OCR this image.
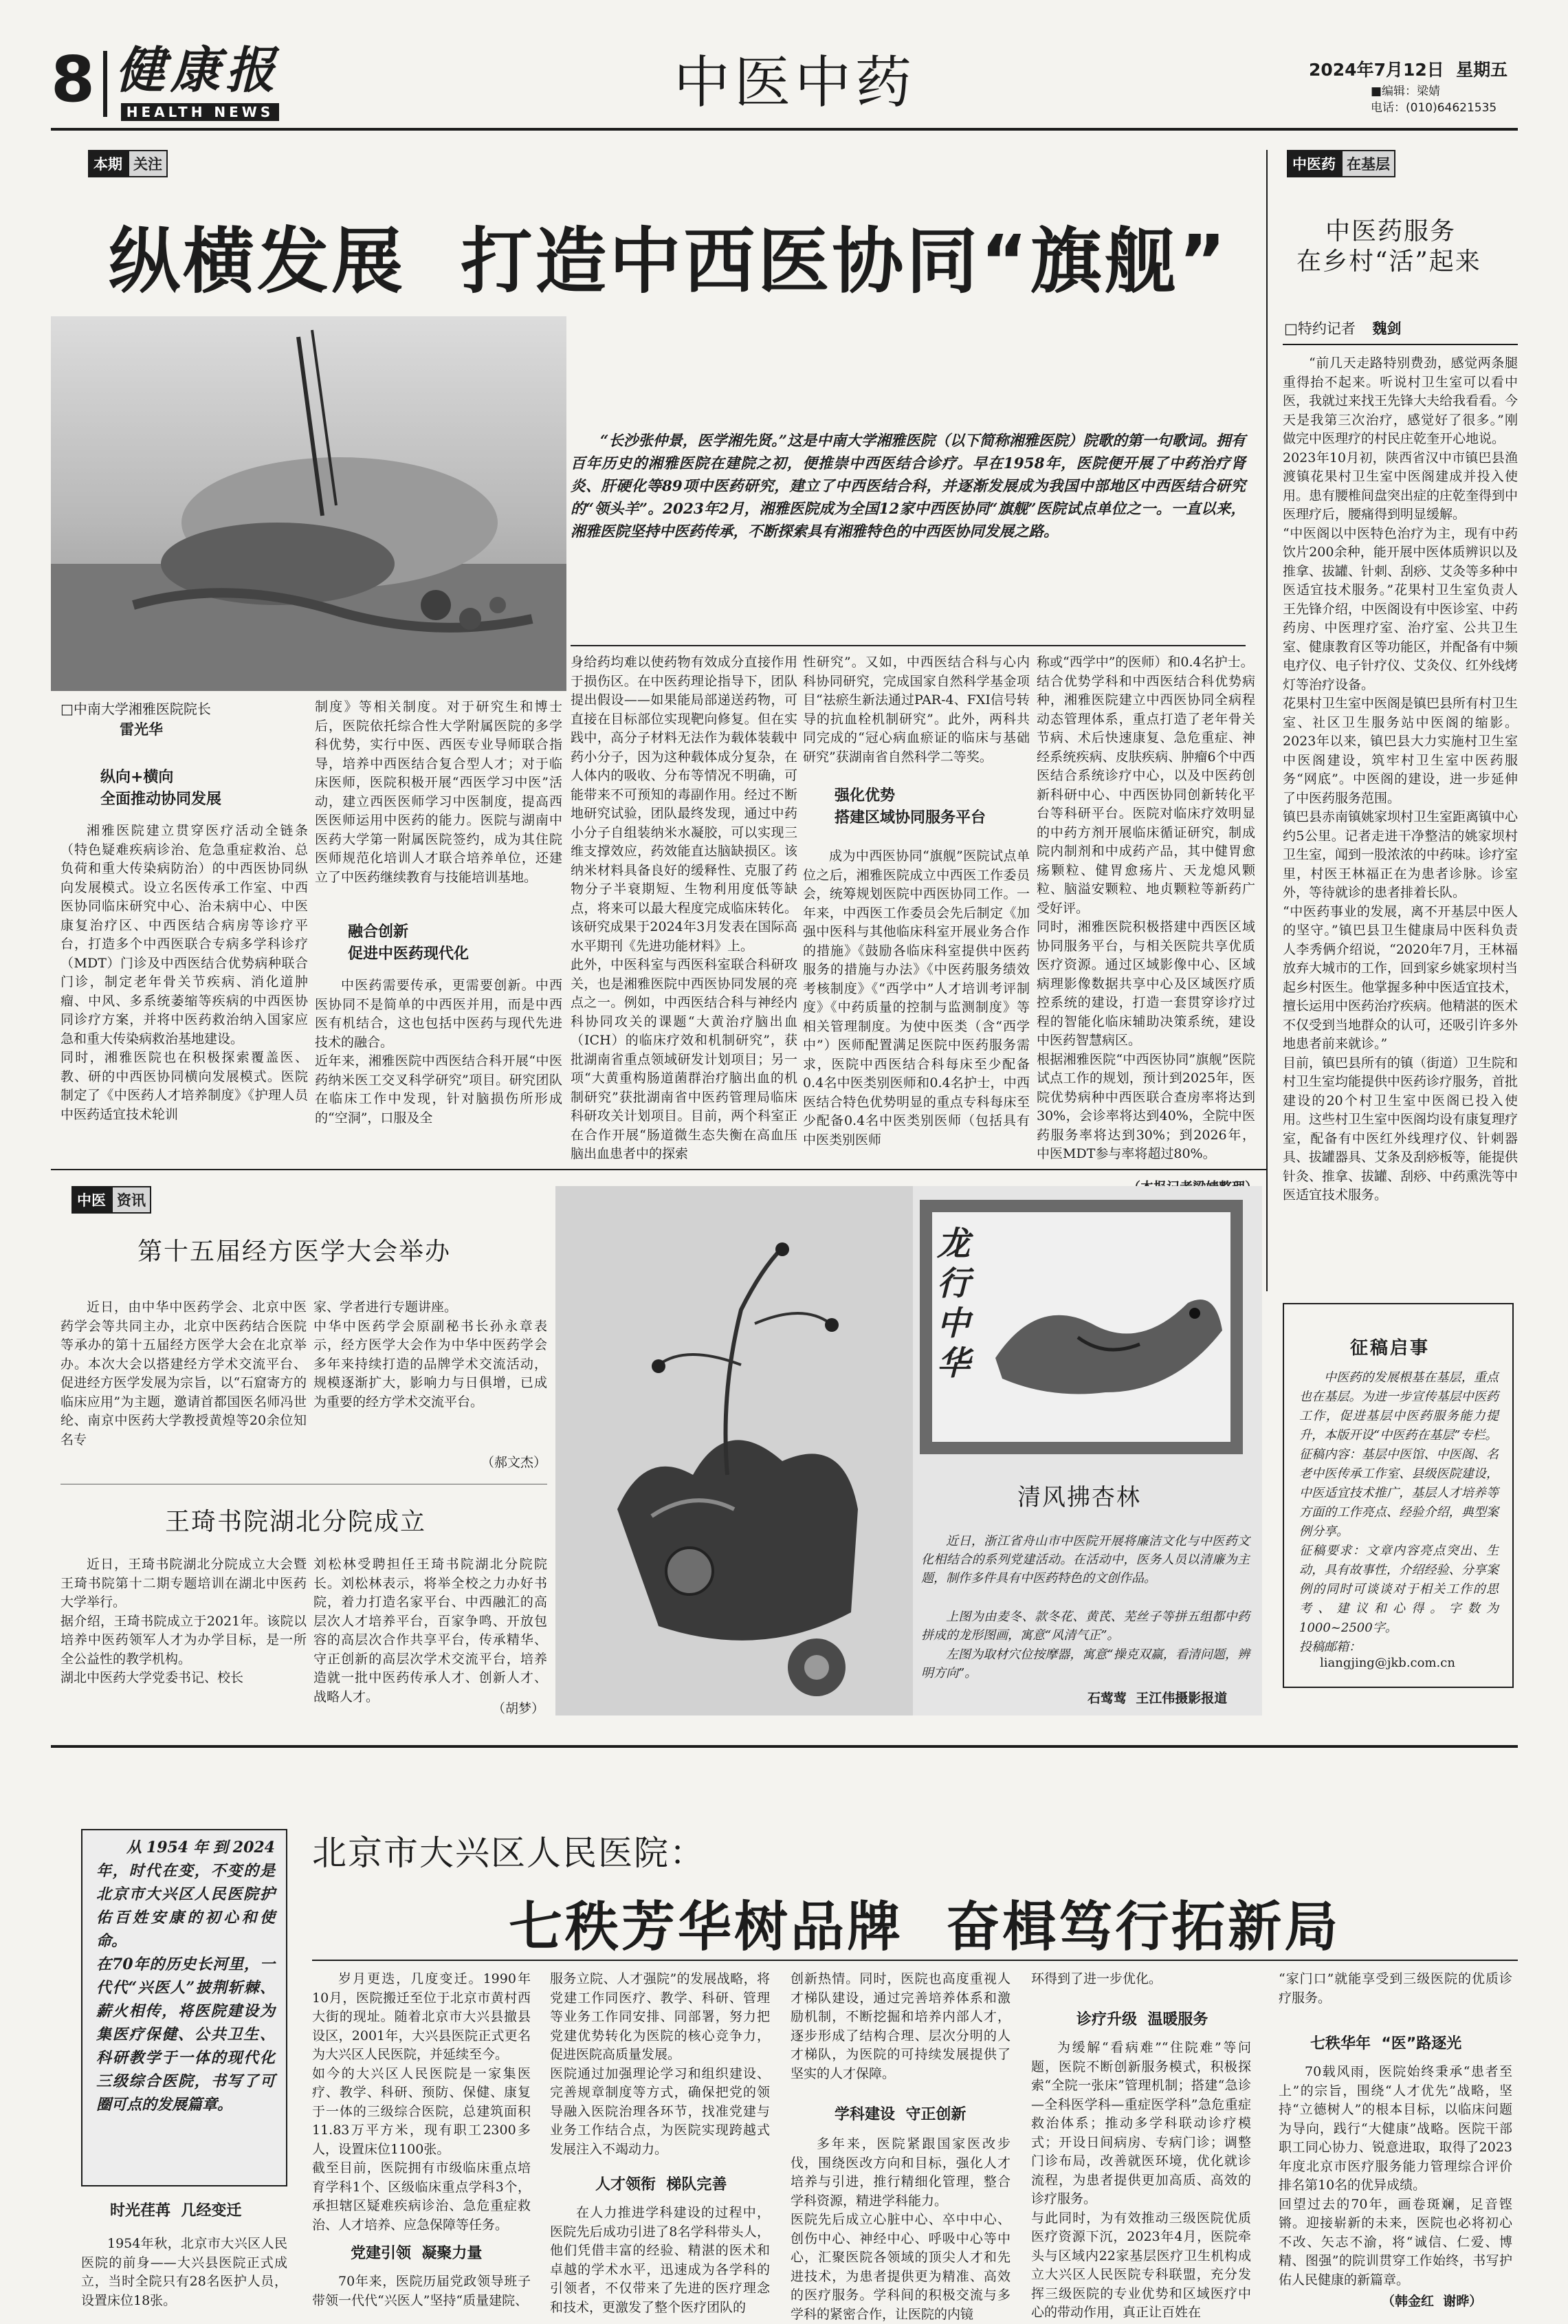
8 健康报
HEALTH NEWS	中医中药	2024年7月12日  星期五
■编辑：梁婧
电话：(010)64621535
本期 关注
纵横发展  打造中西医协同“旗舰”
“长沙张仲景，医学湘先贤。”这是中南大学湘雅医院（以下简称湘雅医院）院歌的第一句歌词。拥有百年历史的湘雅医院在建院之初，便推崇中西医结合诊疗。早在1958年，医院便开展了中药治疗肾炎、肝硬化等89项中医药研究，建立了中西医结合科，并逐渐发展成为我国中部地区中西医结合研究的“领头羊”。2023年2月，湘雅医院成为全国12家中西医协同“旗舰”医院试点单位之一。一直以来，湘雅医院坚持中医药传承，不断探索具有湘雅特色的中西医协同发展之路。
□中南大学湘雅医院院长
雷光华
纵向+横向
全面推动协同发展
湘雅医院建立贯穿医疗活动全链条（特色疑难疾病诊治、危急重症救治、总负荷和重大传染病防治）的中西医协同纵向发展模式。设立名医传承工作室、中西医协同临床研究中心、治未病中心、中医康复治疗区、中西医结合病房等诊疗平台，打造多个中西医联合专病多学科诊疗（MDT）门诊及中西医结合优势病种联合门诊，制定老年骨关节疾病、消化道肿瘤、中风、多系统萎缩等疾病的中西医协同诊疗方案，并将中医药救治纳入国家应急和重大传染病救治基地建设。
同时，湘雅医院也在积极探索覆盖医、教、研的中西医协同横向发展模式。医院制定了《中医药人才培养制度》《护理人员中医药适宜技术轮训
制度》等相关制度。对于研究生和博士后，医院依托综合性大学附属医院的多学科优势，实行中医、西医专业导师联合指导，培养中西医结合复合型人才；对于临床医师，医院积极开展“西医学习中医”活动，建立西医医师学习中医制度，提高西医医师运用中医药的能力。医院与湖南中医药大学第一附属医院签约，成为其住院医师规范化培训人才联合培养单位，还建立了中医药继续教育与技能培训基地。
融合创新
促进中医药现代化
中医药需要传承，更需要创新。中西医协同不是简单的中西医并用，而是中西医有机结合，这也包括中医药与现代先进技术的融合。
近年来，湘雅医院中西医结合科开展“中医药纳米医工交叉科学研究”项目。研究团队在临床工作中发现，针对脑损伤所形成的“空洞”，口服及全
身给药均难以使药物有效成分直接作用于损伤区。在中医药理论指导下，团队提出假设——如果能局部递送药物，可直接在目标部位实现靶向修复。但在实践中，高分子材料无法作为载体装载中药小分子，因为这种载体成分复杂，在人体内的吸收、分布等情况不明确，可能带来不可预知的毒副作用。经过不断地研究试验，团队最终发现，通过中药小分子自组装纳米水凝胶，可以实现三维支撑效应，药效能直达脑缺损区。该纳米材料具备良好的缓释性、克服了药物分子半衰期短、生物利用度低等缺点，将来可以最大程度完成临床转化。该研究成果于2024年3月发表在国际高水平期刊《先进功能材料》上。
此外，中医科室与西医科室联合科研攻关，也是湘雅医院中西医协同发展的亮点之一。例如，中西医结合科与神经内科协同攻关的课题“大黄治疗脑出血（ICH）的临床疗效和机制研究”，获批湖南省重点领域研发计划项目；另一项“大黄重构肠道菌群治疗脑出血的机制研究”获批湖南省中医药管理局临床科研攻关计划项目。目前，两个科室正在合作开展“肠道微生态失衡在高血压脑出血患者中的探索
性研究”。又如，中西医结合科与心内科协同研究，完成国家自然科学基金项目“祛瘀生新法通过PAR-4、FXI信号转导的抗血栓机制研究”。此外，两科共同完成的“冠心病血瘀证的临床与基础研究”获湖南省自然科学二等奖。
强化优势
搭建区域协同服务平台
成为中西医协同“旗舰”医院试点单位之后，湘雅医院成立中西医工作委员会，统筹规划医院中西医协同工作。一年来，中西医工作委员会先后制定《加强中医科与其他临床科室开展业务合作的措施》《鼓励各临床科室提供中医药服务的措施与办法》《中医药服务绩效考核制度》《“西学中”人才培训考评制度》《中药质量的控制与监测制度》等相关管理制度。为使中医类（含“西学中”）医师配置满足医院中医药服务需求，医院中西医结合科每床至少配备0.4名中医类别医师和0.4名护士，中西医结合特色优势明显的重点专科每床至少配备0.4名中医类别医师（包括具有中医类别医师
称或“西学中”的医师）和0.4名护士。
结合优势学科和中西医结合科优势病种，湘雅医院建立中西医协同全病程动态管理体系，重点打造了老年骨关节病、术后快速康复、急危重症、神经系统疾病、皮肤疾病、肿瘤6个中西医结合系统诊疗中心，以及中医药创新科研中心、中西医协同创新转化平台等科研平台。医院对临床疗效明显的中药方剂开展临床循证研究，制成院内制剂和中成药产品，其中健胃愈疡颗粒、健胃愈疡片、天龙熄风颗粒、脑溢安颗粒、地贞颗粒等新药广受好评。
同时，湘雅医院积极搭建中西医区域协同服务平台，与相关医院共享优质医疗资源。通过区域影像中心、区域病理影像数据共享中心及区域医疗质控系统的建设，打造一套贯穿诊疗过程的智能化临床辅助决策系统，建设中医药智慧病区。
根据湘雅医院“中西医协同”旗舰”医院试点工作的规划，预计到2025年，医院优势病种中西医联合查房率将达到30%，会诊率将达到40%，全院中医药服务率将达到30%；到2026年，中医MDT参与率将超过80%。
中医药 在基层
中医药服务
在乡村“活”起来
□特约记者 魏剑
“前几天走路特别费劲，感觉两条腿重得抬不起来。听说村卫生室可以看中医，我就过来找王先锋大夫给我看看。今天是我第三次治疗，感觉好了很多。”刚做完中医理疗的村民庄乾奎开心地说。
2023年10月初，陕西省汉中市镇巴县渔渡镇花果村卫生室中医阁建成并投入使用。患有腰椎间盘突出症的庄乾奎得到中医理疗后，腰痛得到明显缓解。
“中医阁以中医特色治疗为主，现有中药饮片200余种，能开展中医体质辨识以及推拿、拔罐、针刺、刮痧、艾灸等多种中医适宜技术服务。”花果村卫生室负责人王先锋介绍，中医阁设有中医诊室、中药药房、中医理疗室、治疗室、公共卫生室、健康教育区等功能区，并配备有中频电疗仪、电子针疗仪、艾灸仪、红外线烤灯等治疗设备。
花果村卫生室中医阁是镇巴县所有村卫生室、社区卫生服务站中医阁的缩影。2023年以来，镇巴县大力实施村卫生室中医阁建设，筑牢村卫生室中医药服务“网底”。中医阁的建设，进一步延伸了中医药服务范围。
镇巴县赤南镇姚家坝村卫生室距离镇中心约5公里。记者走进干净整洁的姚家坝村卫生室，闻到一股浓浓的中药味。诊疗室里，村医王林福正在为患者诊脉。诊室外，等待就诊的患者排着长队。
“中医药事业的发展，离不开基层中医人的坚守。”镇巴县卫生健康局中医科负责人李秀俩介绍说，“2020年7月，王林福放弃大城市的工作，回到家乡姚家坝村当起乡村医生。他掌握多种中医适宜技术，擅长运用中医药治疗疾病。他精湛的医术不仅受到当地群众的认可，还吸引许多外地患者前来就诊。”
目前，镇巴县所有的镇（街道）卫生院和村卫生室均能提供中医药诊疗服务，首批建设的20个村卫生室中医阁已投入使用。这些村卫生室中医阁均设有康复理疗室，配备有中医红外线理疗仪、针刺器具、拔罐器具、艾条及刮痧板等，能提供针灸、推拿、拔罐、刮痧、中药熏洗等中医适宜技术服务。
中医 资讯
第十五届经方医学大会举办
近日，由中华中医药学会、北京中医药学会等共同主办，北京中医药结合医院等承办的第十五届经方医学大会在北京举办。本次大会以搭建经方学术交流平台、促进经方医学发展为宗旨，以“石窟寄方的临床应用”为主题，邀请首都国医名师冯世纶、南京中医药大学教授黄煌等20余位知名专
家、学者进行专题讲座。
中华中医药学会原副秘书长孙永章表示，经方医学大会作为中华中医药学会多年来持续打造的品牌学术交流活动，规模逐渐扩大，影响力与日俱增，已成为重要的经方学术交流平台。
（郝文杰）
王琦书院湖北分院成立
近日，王琦书院湖北分院成立大会暨王琦书院第十二期专题培训在湖北中医药大学举行。
据介绍，王琦书院成立于2021年。该院以培养中医药领军人才为办学目标，是一所全公益性的教学机构。
湖北中医药大学党委书记、校长
刘松林受聘担任王琦书院湖北分院院长。刘松林表示，将举全校之力办好书院，着力打造名家平台、中西融汇的高层次人才培养平台，百家争鸣、开放包容的高层次合作共享平台，传承精华、守正创新的高层次学术交流平台，培养造就一批中医药传承人才、创新人才、战略人才。
（胡梦）
龙行中华
清风拂杏林
近日，浙江省舟山市中医院开展将廉洁文化与中医药文化相结合的系列党建活动。在活动中，医务人员以清廉为主题，制作多件具有中医药特色的文创作品。
上图为由麦冬、款冬花、黄芪、芜丝子等拼五组都中药拼成的龙形图画，寓意“风清气正”。
左图为取材穴位按摩器，寓意“操克双赢，看清问题，辨明方向”。
石莺莺  王江伟摄影报道
征稿启事
中医药的发展根基在基层，重点也在基层。为进一步宣传基层中医药工作，促进基层中医药服务能力提升，本版开设“中医药在基层”专栏。
征稿内容：基层中医馆、中医阁、名老中医传承工作室、县级医院建设，中医适宜技术推广，基层人才培养等方面的工作亮点、经验介绍，典型案例分享。
征稿要求：文章内容亮点突出、生动，具有故事性，介绍经验、分享案例的同时可谈谈对于相关工作的思考、建议和心得。字数为1000~2500字。
投稿邮箱：
liangjing@jkb.com.cn
从1954年到2024年，时代在变，不变的是北京市大兴区人民医院护佑百姓安康的初心和使命。
在70年的历史长河里，一代代“兴医人”披荆斩棘、薪火相传，将医院建设为集医疗保健、公共卫生、科研教学于一体的现代化三级综合医院，书写了可圈可点的发展篇章。
时光荏苒  几经变迁
1954年秋，北京市大兴区人民医院的前身——大兴县医院正式成立，当时全院只有28名医护人员，设置床位18张。
北京市大兴区人民医院：
七秩芳华树品牌  奋楫笃行拓新局
岁月更迭，几度变迁。1990年10月，医院搬迁至位于北京市黄村西大街的现址。随着北京市大兴县撤县设区，2001年，大兴县医院正式更名为大兴区人民医院，并延续至今。
如今的大兴区人民医院是一家集医疗、教学、科研、预防、保健、康复于一体的三级综合医院，总建筑面积11.83万平方米，现有职工2300多人，设置床位1100张。
截至目前，医院拥有市级临床重点培育学科1个、区级临床重点学科3个，承担辖区疑难疾病诊治、急危重症救治、人才培养、应急保障等任务。
党建引领  凝聚力量
70年来，医院历届党政领导班子带领一代代“兴医人”坚持“质量建院、
服务立院、人才强院”的发展战略，将党建工作同医疗、教学、科研、管理等业务工作同安排、同部署，努力把党建优势转化为医院的核心竞争力，促进医院高质量发展。
医院通过加强理论学习和组织建设、完善规章制度等方式，确保把党的领导融入医院治理各环节，找准党建与业务工作结合点，为医院实现跨越式发展注入不竭动力。
人才领衔  梯队完善
在人力推进学科建设的过程中，医院先后成功引进了8名学科带头人，他们凭借丰富的经验、精湛的医术和卓越的学术水平，迅速成为各学科的引领者，不仅带来了先进的医疗理念和技术，更激发了整个医疗团队的
创新热情。同时，医院也高度重视人才梯队建设，通过完善培养体系和激励机制，不断挖掘和培养内部人才，逐步形成了结构合理、层次分明的人才梯队，为医院的可持续发展提供了坚实的人才保障。
学科建设  守正创新
多年来，医院紧跟国家医改步伐，围绕医改方向和目标，强化人才培养与引进，推行精细化管理，整合学科资源，精进学科能力。
医院先后成立心脏中心、卒中中心、创伤中心、神经中心、呼吸中心等中心，汇聚医院各领域的顶尖人才和先进技术，为患者提供更为精准、高效的医疗服务。学科间的积极交流与多学科的紧密合作，让医院的内镜
环得到了进一步优化。
诊疗升级  温暖服务
为缓解“看病难”“住院难”等问题，医院不断创新服务模式，积极探索“全院一张床”管理机制；搭建“急诊—全科医学科—重症医学科”急危重症救治体系；推动多学科联动诊疗模式；开设日间病房、专病门诊；调整门诊布局，改善就医环境，优化就诊流程，为患者提供更加高质、高效的诊疗服务。
与此同时，为有效推动三级医院优质医疗资源下沉，2023年4月，医院牵头与区域内22家基层医疗卫生机构成立大兴区人民医院专科联盟，充分发挥三级医院的专业优势和区域医疗中心的带动作用，真正让百姓在
“家门口”就能享受到三级医院的优质诊疗服务。
七秩华年  “医”路逐光
70载风雨，医院始终秉承“患者至上”的宗旨，围绕“人才优先”战略，坚持“立德树人”的根本目标，以临床问题为导向，践行“大健康”战略。医院干部职工同心协力、锐意进取，取得了2023年度北京市医疗服务能力管理综合评价排名第10名的优异成绩。
回望过去的70年，画卷斑斓，足音铿锵。迎接崭新的未来，医院也必将初心不改、矢志不渝，将“诚信、仁爱、博精、图强”的院训贯穿工作始终，书写护佑人民健康的新篇章。
（韩金红  谢晔）
